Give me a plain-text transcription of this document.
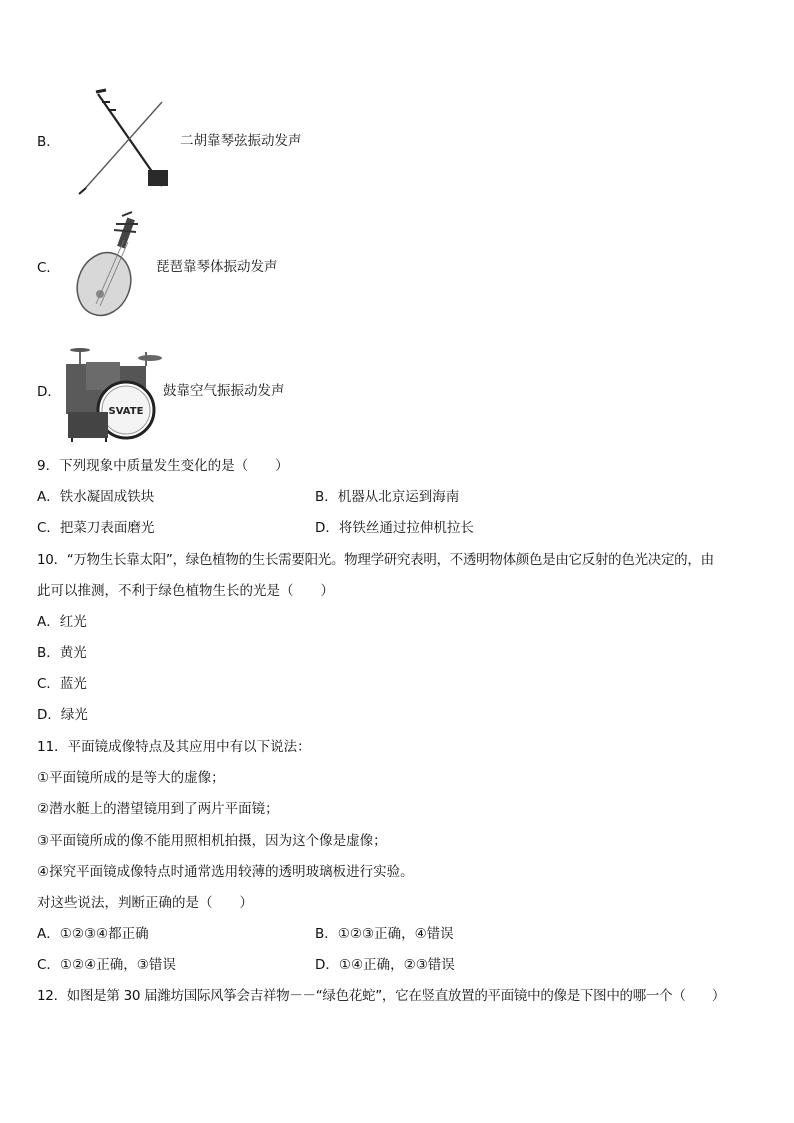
B．	二胡靠琴弦振动发声
C．	琵琶靠琴体振动发声
D．
SVATE
鼓靠空气振振动发声
9．下列现象中质量发生变化的是（　　）
A．铁水凝固成铁块	B．机器从北京运到海南
C．把菜刀表面磨光	D．将铁丝通过拉伸机拉长
10．“万物生长靠太阳”，绿色植物的生长需要阳光。物理学研究表明，不透明物体颜色是由它反射的色光决定的，由
此可以推测，不利于绿色植物生长的光是（　　）
A．红光
B．黄光
C．蓝光
D．绿光
11．平面镜成像特点及其应用中有以下说法：
①平面镜所成的是等大的虚像；
②潜水艇上的潜望镜用到了两片平面镜；
③平面镜所成的像不能用照相机拍摄，因为这个像是虚像；
④探究平面镜成像特点时通常选用较薄的透明玻璃板进行实验。
对这些说法，判断正确的是（　　）
A．①②③④都正确	B．①②③正确，④错误
C．①②④正确，③错误	D．①④正确，②③错误
12．如图是第 30 届潍坊国际风筝会吉祥物－－“绿色花蛇”，它在竖直放置的平面镜中的像是下图中的哪一个（　　）
